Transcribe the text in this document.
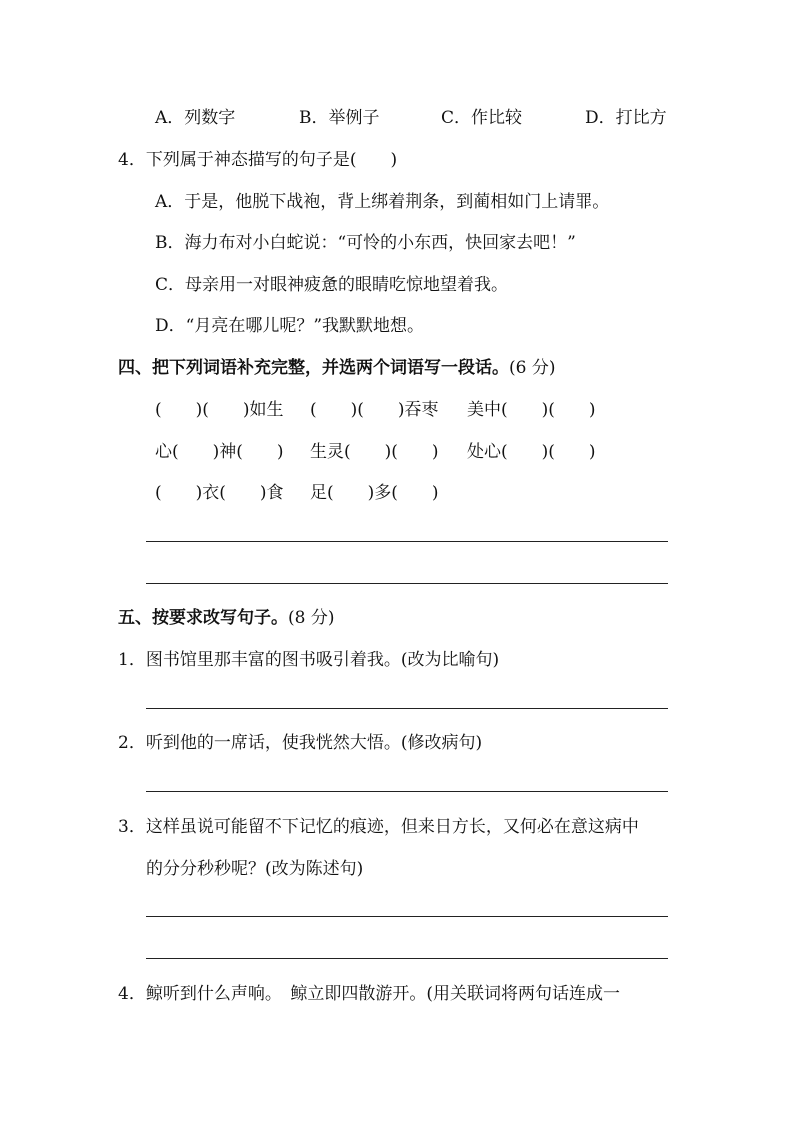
A．列数字	B．举例子	C．作比较	D．打比方
4．下列属于神态描写的句子是(　　)
A．于是，他脱下战袍，背上绑着荆条，到蔺相如门上请罪。
B．海力布对小白蛇说：“可怜的小东西，快回家去吧！”
C．母亲用一对眼神疲惫的眼睛吃惊地望着我。
D．“月亮在哪儿呢？”我默默地想。
四、把下列词语补充完整，并选两个词语写一段话。(6 分)
(　　)(　　)如生 (　　)(　　)吞枣 美中(　　)(　　)
心(　　)神(　　) 生灵(　　)(　　) 处心(　　)(　　)
(　　)衣(　　)食 足(　　)多(　　)
五、按要求改写句子。(8 分)
1．图书馆里那丰富的图书吸引着我。(改为比喻句)
2．听到他的一席话，使我恍然大悟。(修改病句)
3．这样虽说可能留不下记忆的痕迹，但来日方长，又何必在意这病中
的分分秒秒呢？(改为陈述句)
4．鲸听到什么声响。　鲸立即四散游开。(用关联词将两句话连成一
